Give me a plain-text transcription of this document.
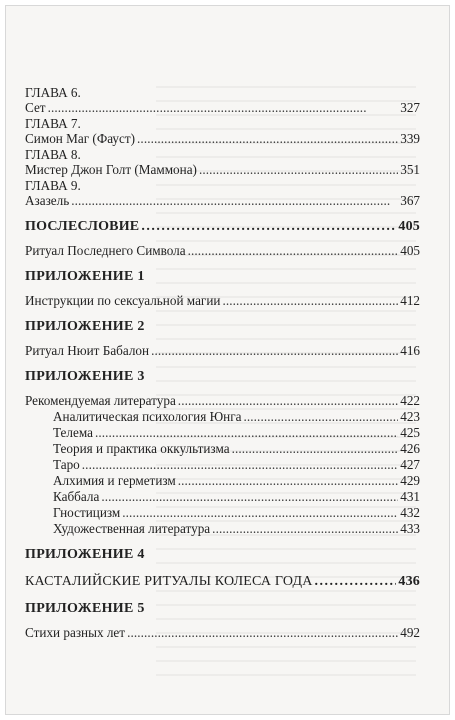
ГЛАВА 6.
Сет . . .	327
ГЛАВА 7.
Симон Маг (Фауст) . . .	339
ГЛАВА 8.
Мистер Джон Голт (Маммона) . . .	351
ГЛАВА 9.
Азазель . . .	367
ПОСЛЕСЛОВИЕ . . .	405
Ритуал Последнего Символа . . .	405
ПРИЛОЖЕНИЕ 1
Инструкции по сексуальной магии . . .	412
ПРИЛОЖЕНИЕ 2
Ритуал Нюит Бабалон . . .	416
ПРИЛОЖЕНИЕ 3
Рекомендуемая литература . . .	422
Аналитическая психология Юнга . . .	423
Телема . . .	425
Теория и практика оккультизма . . .	426
Таро . . .	427
Алхимия и герметизм . . .	429
Каббала . . .	431
Гностицизм . . .	432
Художественная литература . . .	433
ПРИЛОЖЕНИЕ 4
КАСТАЛИЙСКИЕ РИТУАЛЫ КОЛЕСА ГОДА . . .	436
ПРИЛОЖЕНИЕ 5
Стихи разных лет . . .	492
